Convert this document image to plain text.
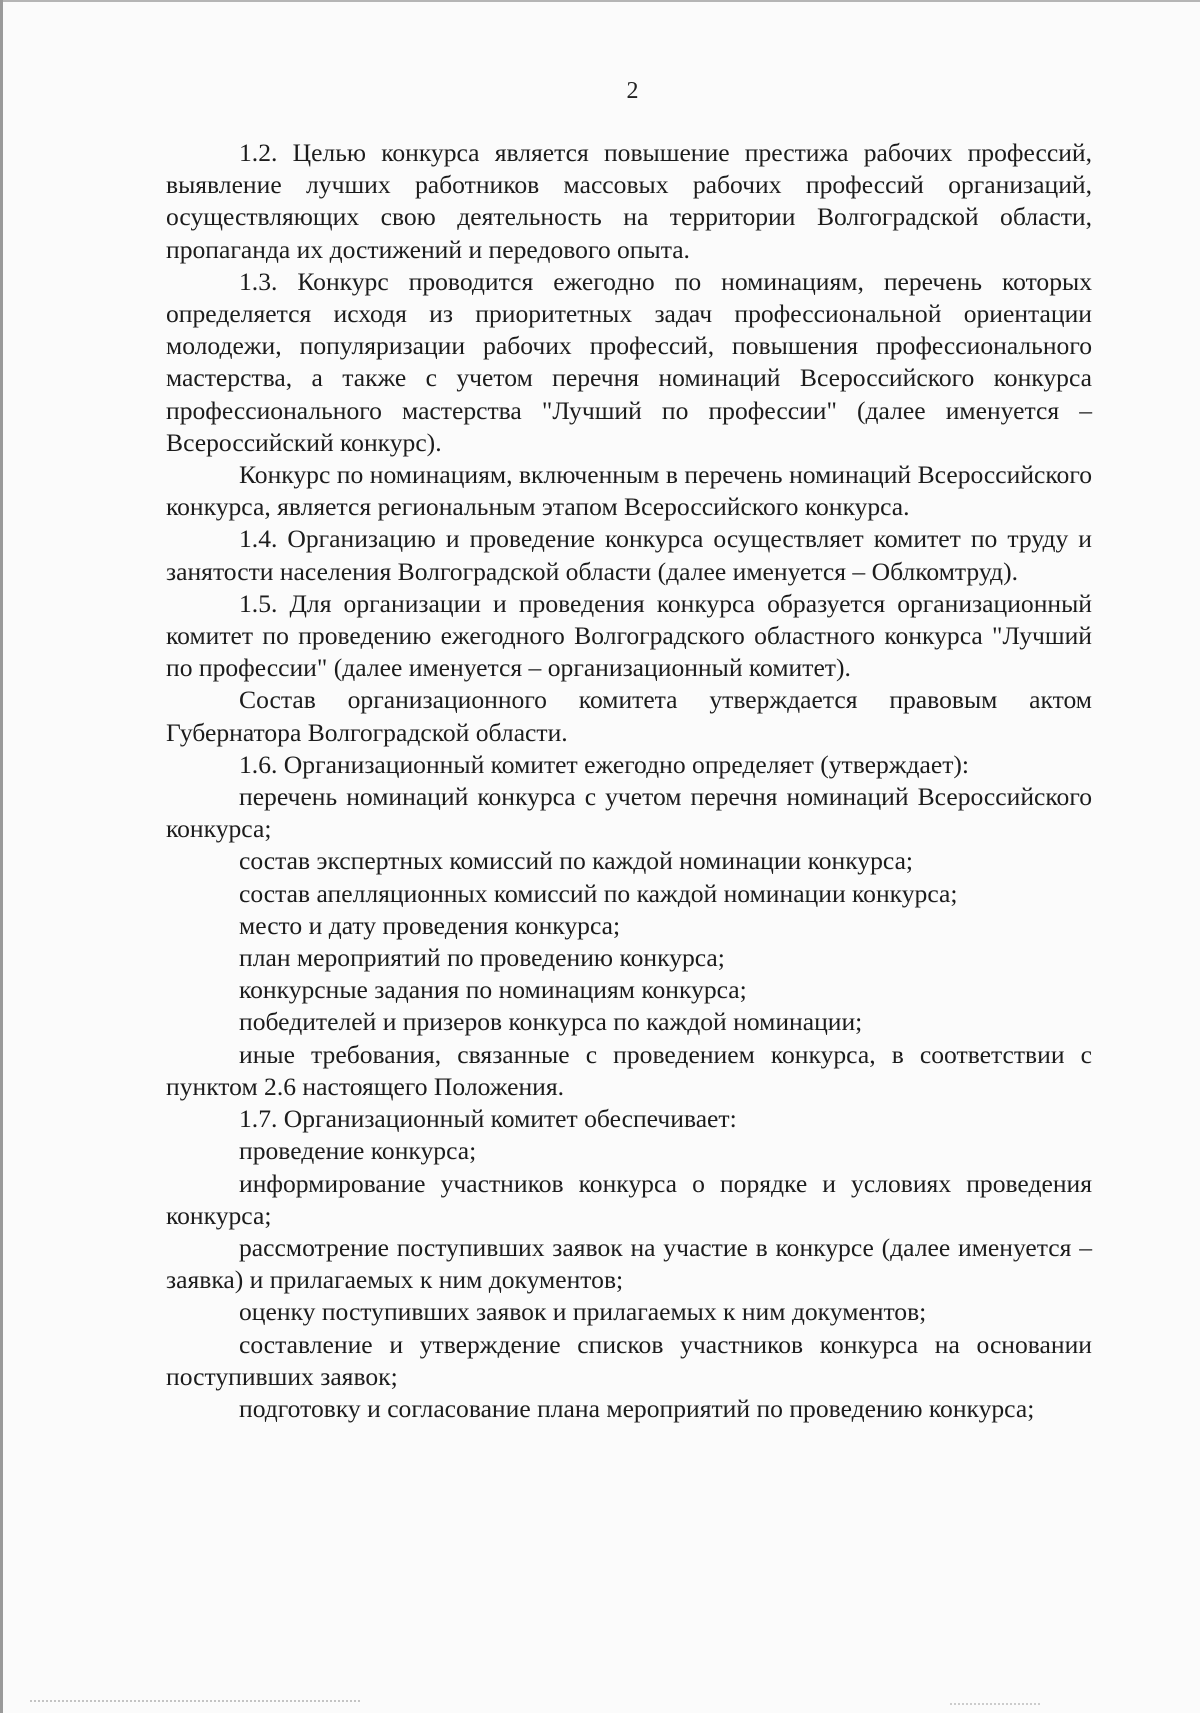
2

1.2. Целью конкурса является повышение престижа рабочих профессий, выявление лучших работников массовых рабочих профессий организаций, осуществляющих свою деятельность на территории Волгоградской области, пропаганда их достижений и передового опыта.

1.3. Конкурс проводится ежегодно по номинациям, перечень которых определяется исходя из приоритетных задач профессиональной ориентации молодежи, популяризации рабочих профессий, повышения профессионального мастерства, а также с учетом перечня номинаций Всероссийского конкурса профессионального мастерства "Лучший по профессии" (далее именуется – Всероссийский конкурс).

Конкурс по номинациям, включенным в перечень номинаций Всероссийского конкурса, является региональным этапом Всероссийского конкурса.

1.4. Организацию и проведение конкурса осуществляет комитет по труду и занятости населения Волгоградской области (далее именуется – Облкомтруд).

1.5. Для организации и проведения конкурса образуется организационный комитет по проведению ежегодного Волгоградского областного конкурса "Лучший по профессии" (далее именуется – организационный комитет).

Состав организационного комитета утверждается правовым актом Губернатора Волгоградской области.

1.6. Организационный комитет ежегодно определяет (утверждает):

перечень номинаций конкурса с учетом перечня номинаций Всероссийского конкурса;

состав экспертных комиссий по каждой номинации конкурса;

состав апелляционных комиссий по каждой номинации конкурса;

место и дату проведения конкурса;

план мероприятий по проведению конкурса;

конкурсные задания по номинациям конкурса;

победителей и призеров конкурса по каждой номинации;

иные требования, связанные с проведением конкурса, в соответствии с пунктом 2.6 настоящего Положения.

1.7. Организационный комитет обеспечивает:

проведение конкурса;

информирование участников конкурса о порядке и условиях проведения конкурса;

рассмотрение поступивших заявок на участие в конкурсе (далее именуется – заявка) и прилагаемых к ним документов;

оценку поступивших заявок и прилагаемых к ним документов;

составление и утверждение списков участников конкурса на основании поступивших заявок;

подготовку и согласование плана мероприятий по проведению конкурса;
